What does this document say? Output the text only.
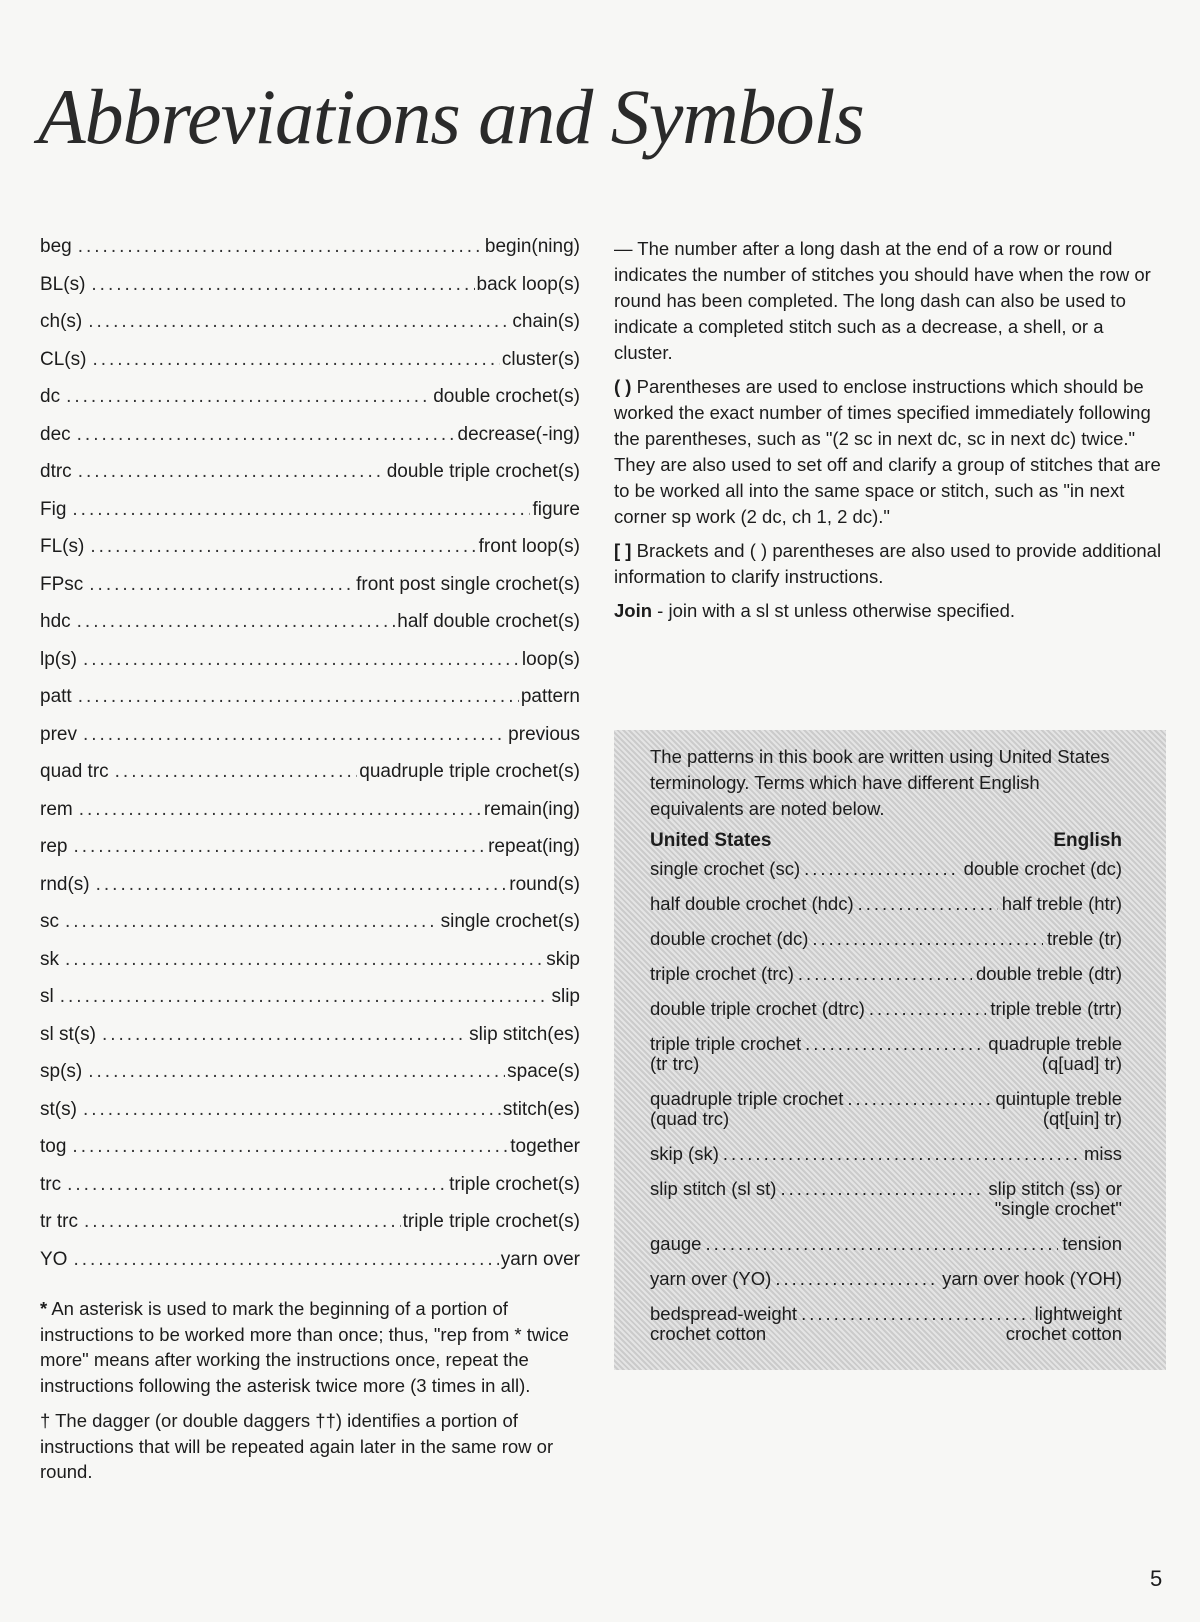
Abbreviations and Symbols
beg .....	begin(ning)
BL(s) .....	back loop(s)
ch(s) .....	chain(s)
CL(s) .....	cluster(s)
dc .....	double crochet(s)
dec .....	decrease(-ing)
dtrc .....	double triple crochet(s)
Fig .....	figure
FL(s) .....	front loop(s)
FPsc .....	front post single crochet(s)
hdc .....	half double crochet(s)
lp(s) .....	loop(s)
patt .....	pattern
prev .....	previous
quad trc .....	quadruple triple crochet(s)
rem .....	remain(ing)
rep .....	repeat(ing)
rnd(s) .....	round(s)
sc .....	single crochet(s)
sk .....	skip
sl .....	slip
sl st(s) .....	slip stitch(es)
sp(s) .....	space(s)
st(s) .....	stitch(es)
tog .....	together
trc .....	triple crochet(s)
tr trc .....	triple triple crochet(s)
YO .....	yarn over

* An asterisk is used to mark the beginning of a portion of instructions to be worked more than once; thus, "rep from * twice more" means after working the instructions once, repeat the instructions following the asterisk twice more (3 times in all).

† The dagger (or double daggers ††) identifies a portion of instructions that will be repeated again later in the same row or round.

— The number after a long dash at the end of a row or round indicates the number of stitches you should have when the row or round has been completed. The long dash can also be used to indicate a completed stitch such as a decrease, a shell, or a cluster.

( ) Parentheses are used to enclose instructions which should be worked the exact number of times specified immediately following the parentheses, such as "(2 sc in next dc, sc in next dc) twice." They are also used to set off and clarify a group of stitches that are to be worked all into the same space or stitch, such as "in next corner sp work (2 dc, ch 1, 2 dc)."

[ ] Brackets and ( ) parentheses are also used to provide additional information to clarify instructions.

Join - join with a sl st unless otherwise specified.

The patterns in this book are written using United States terminology. Terms which have different English equivalents are noted below.

United States	English
single crochet (sc) .....	double crochet (dc)
half double crochet (hdc) .....	half treble (htr)
double crochet (dc) .....	treble (tr)
triple crochet (trc) .....	double treble (dtr)
double triple crochet (dtrc) .....	triple treble (trtr)
triple triple crochet .....	quadruple treble
(tr trc)	(q[uad] tr)
quadruple triple crochet .....	quintuple treble
(quad trc)	(qt[uin] tr)
skip (sk) .....	miss
slip stitch (sl st) .....	slip stitch (ss) or
"single crochet"
gauge .....	tension
yarn over (YO) .....	yarn over hook (YOH)
bedspread-weight .....	lightweight
crochet cotton	crochet cotton
5
